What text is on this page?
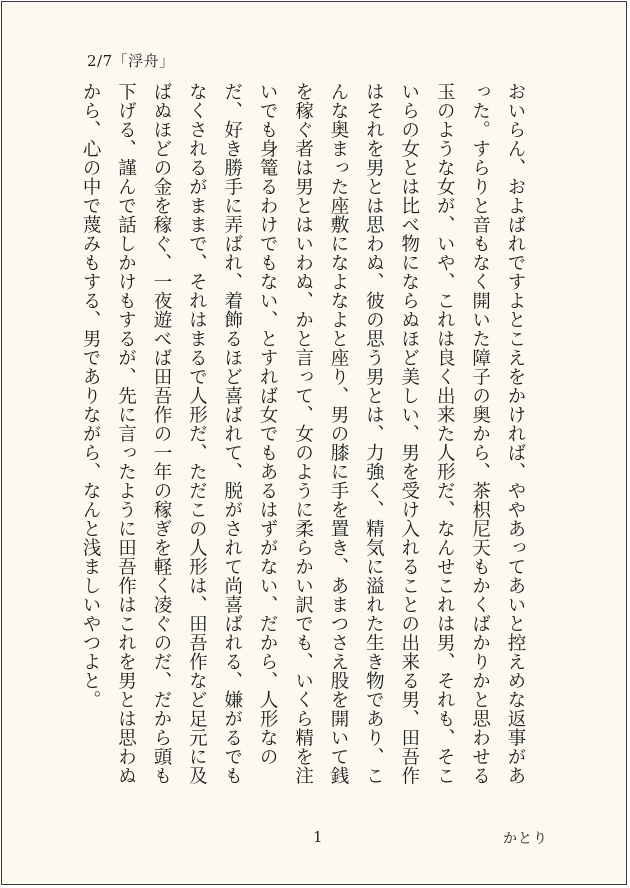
2/7「浮舟」
おいらん、およばれですよとこえをかければ、ややあってあいと控えめな返事があった。すらりと音もなく開いた障子の奥から、茶枳尼天もかくばかりかと思わせる玉のような女が、いや、これは良く出来た人形だ、なんせこれは男、それも、そこいらの女とは比べ物にならぬほど美しい、男を受け入れることの出来る男、田吾作はそれを男とは思わぬ、彼の思う男とは、力強く、精気に溢れた生き物であり、こんな奥まった座敷になよなよと座り、男の膝に手を置き、あまつさえ股を開いて銭を稼ぐ者は男とはいわぬ、かと言って、女のように柔らかい訳でも、いくら精を注いでも身篭るわけでもない、とすれば女でもあるはずがない、だから、人形なのだ、好き勝手に弄ばれ、着飾るほど喜ばれて、脱がされて尚喜ばれる、嫌がるでもなくされるがままで、それはまるで人形だ、ただこの人形は、田吾作など足元に及ばぬほどの金を稼ぐ、一夜遊べば田吾作の一年の稼ぎを軽く凌ぐのだ、だから頭も下げる、謹んで話しかけもするが、先に言ったように田吾作はこれを男とは思わぬから、心の中で蔑みもする、男でありながら、なんと浅ましいやつよと。
1	かとり
